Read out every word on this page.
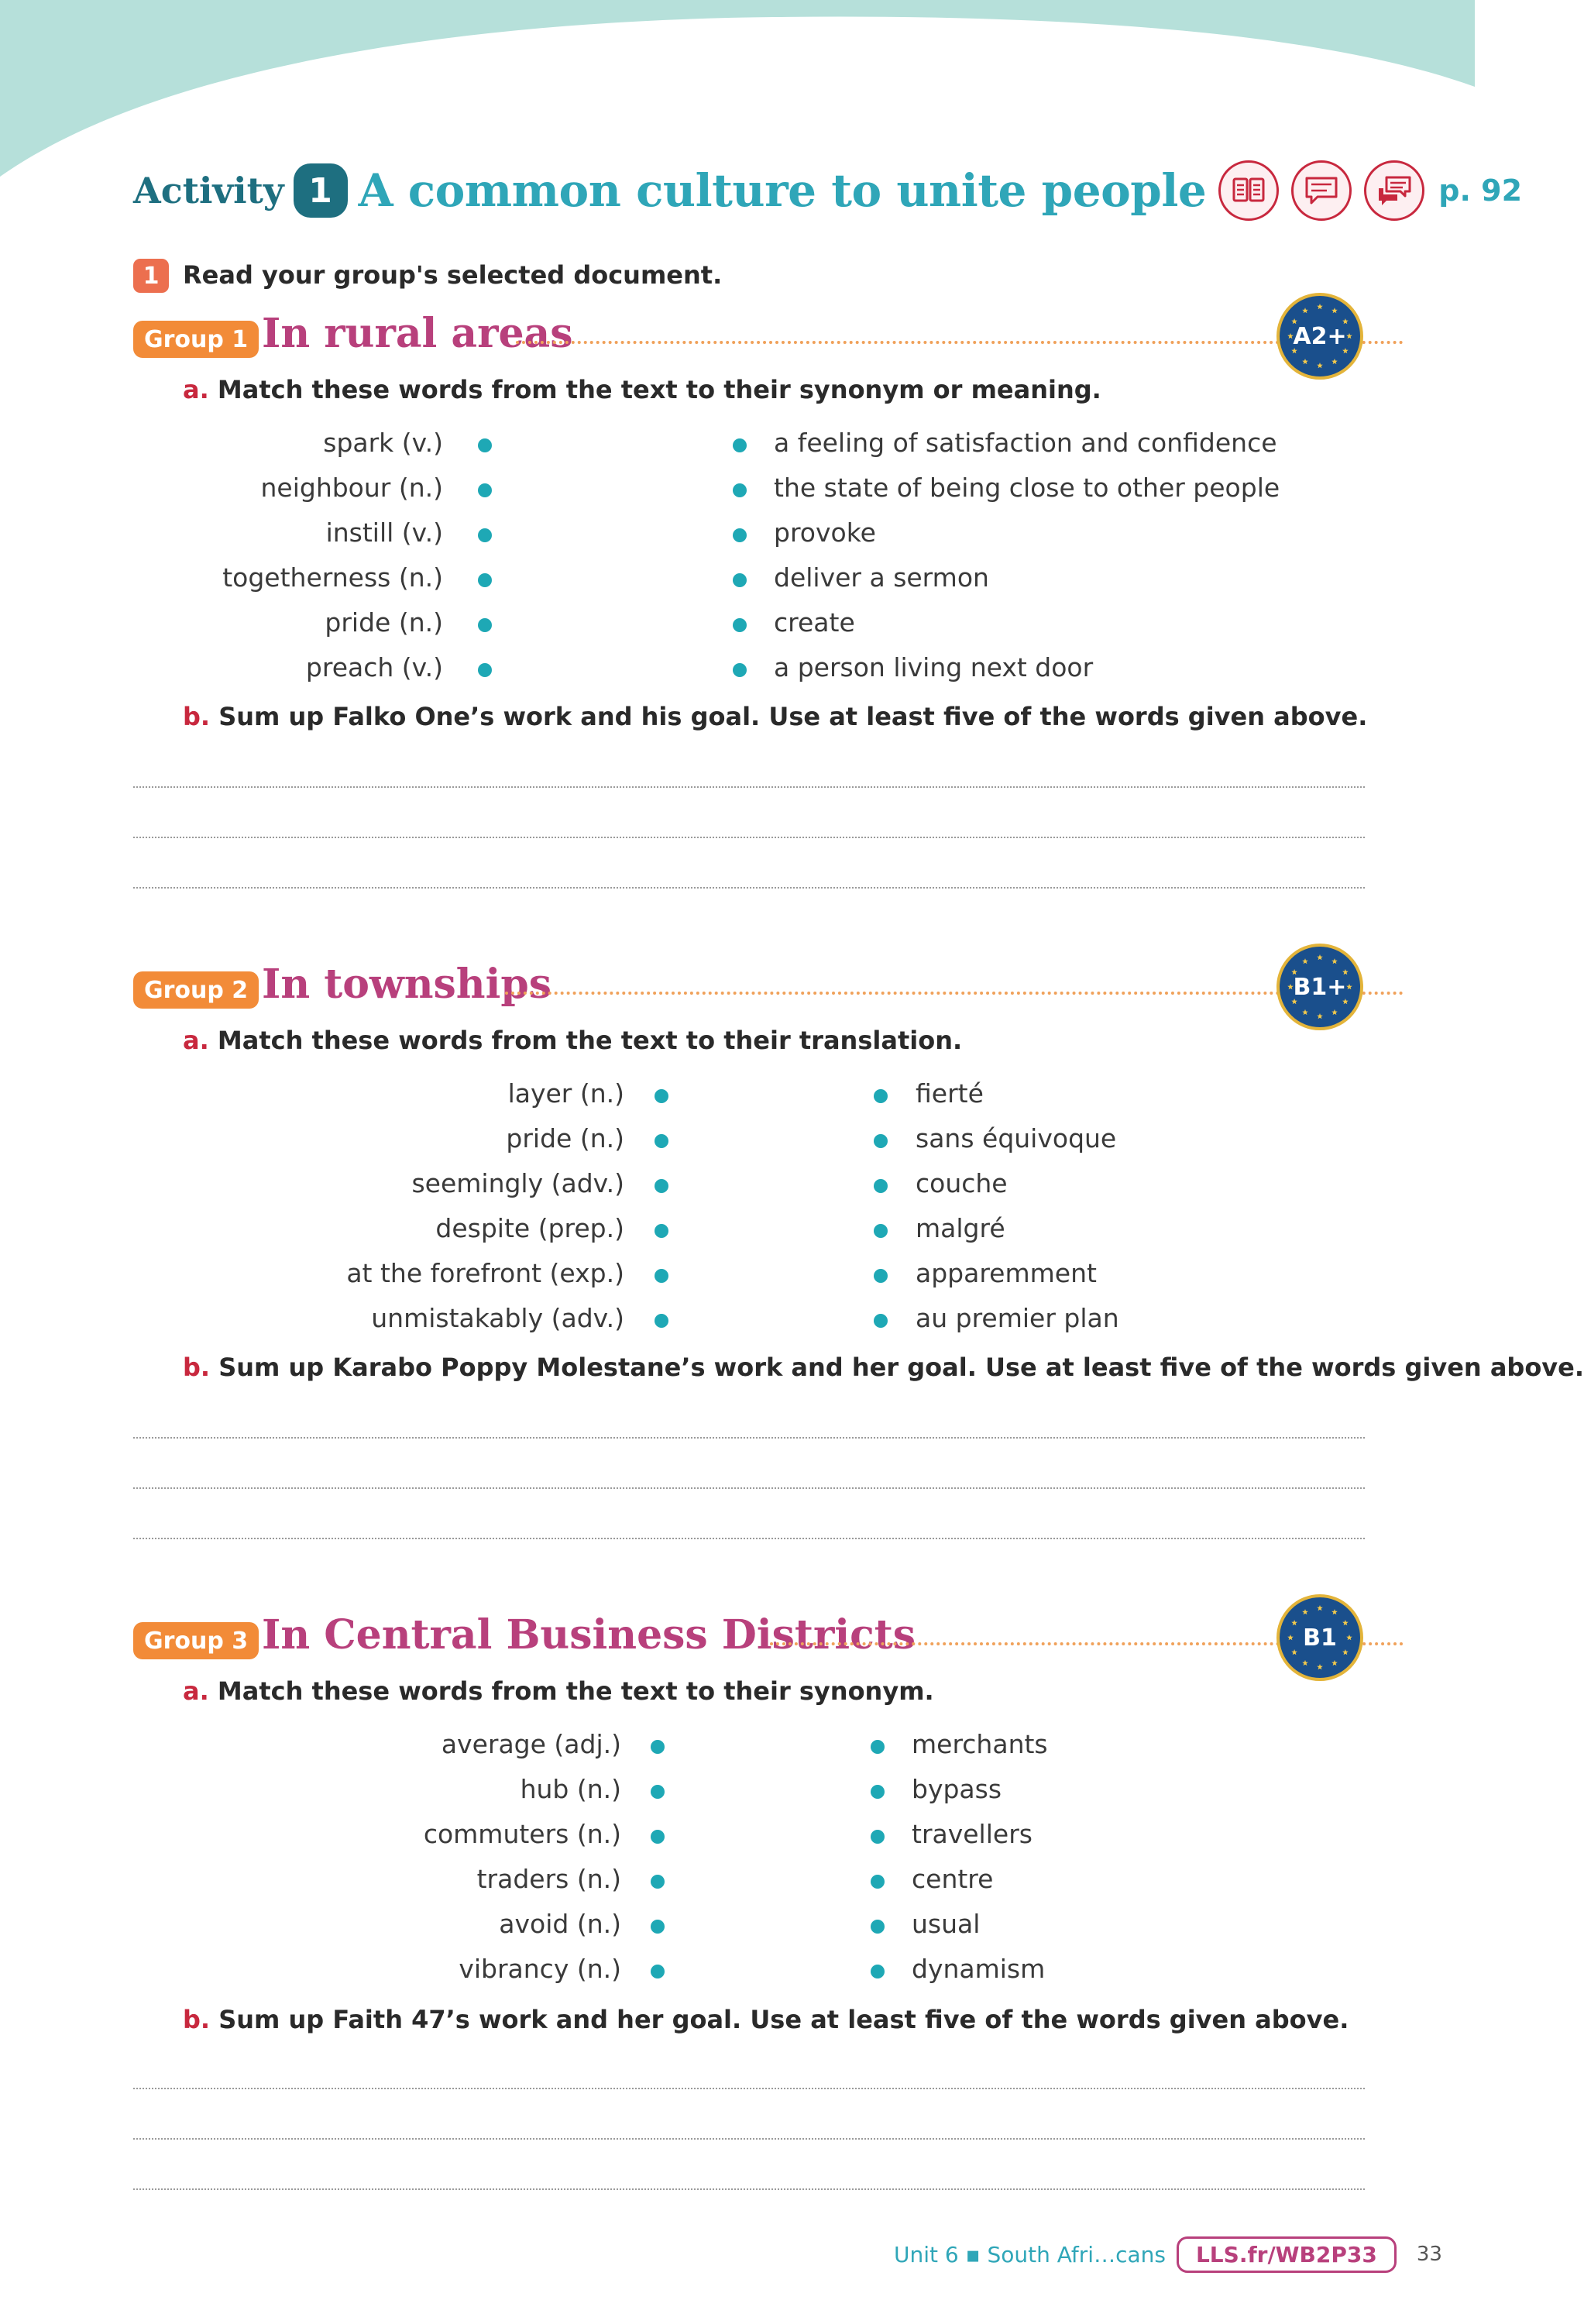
Activity 1 A common culture to unite people	p. 92
1 Read your group's selected document.
Group 1 In rural areas	A2+
a. Match these words from the text to their synonym or meaning.
spark (v.)	a feeling of satisfaction and confidence
neighbour (n.)	the state of being close to other people
instill (v.)	provoke
togetherness (n.)	deliver a sermon
pride (n.)	create
preach (v.)	a person living next door
b. Sum up Falko One’s work and his goal. Use at least five of the words given above.
Group 2 In townships	B1+
a. Match these words from the text to their translation.
layer (n.)	fierté
pride (n.)	sans équivoque
seemingly (adv.)	couche
despite (prep.)	malgré
at the forefront (exp.)	apparemment
unmistakably (adv.)	au premier plan
b. Sum up Karabo Poppy Molestane’s work and her goal. Use at least five of the words given above.
Group 3 In Central Business Districts	B1
a. Match these words from the text to their synonym.
average (adj.)	merchants
hub (n.)	bypass
commuters (n.)	travellers
traders (n.)	centre
avoid (n.)	usual
vibrancy (n.)	dynamism
b. Sum up Faith 47’s work and her goal. Use at least five of the words given above.
Unit 6 ▪ South Afri…cans	LLS.fr/WB2P33	33
